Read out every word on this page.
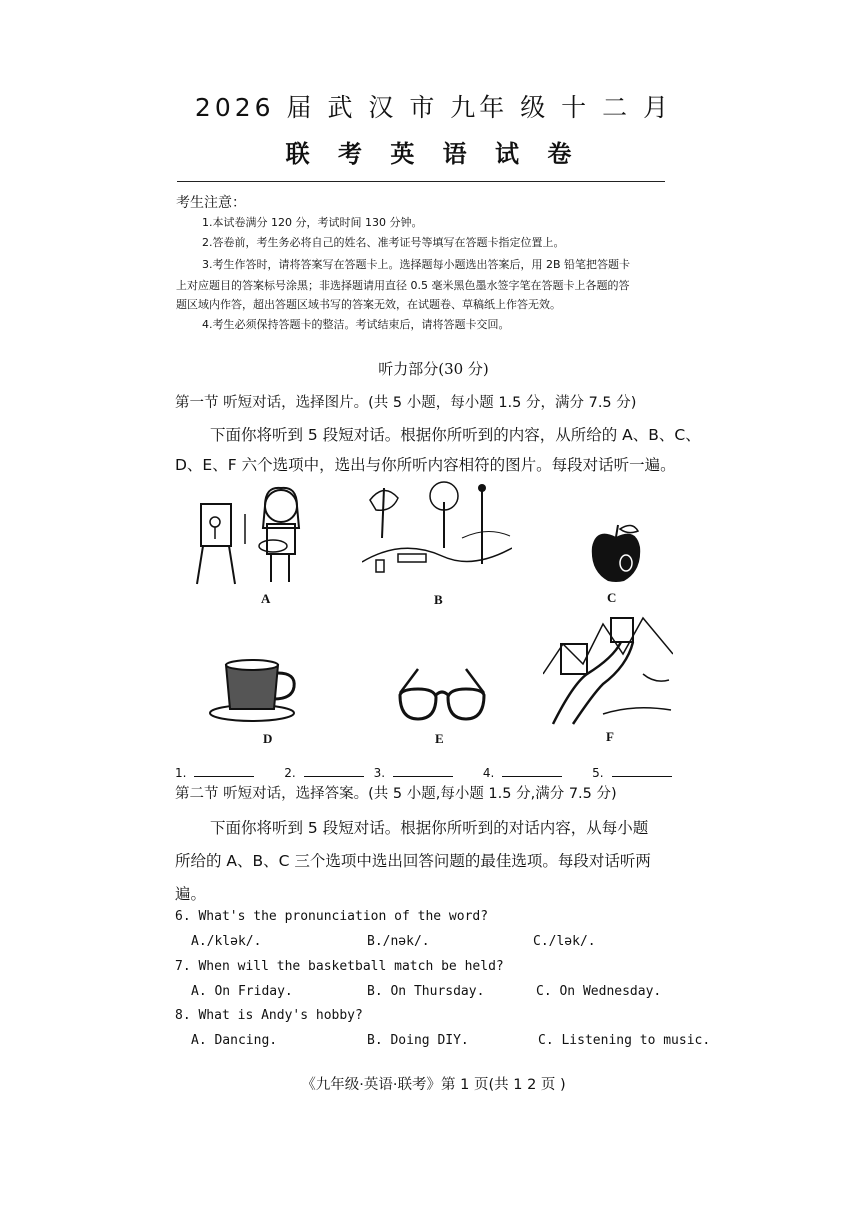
2026 届 武 汉 市 九年 级 十 二 月
联 考 英 语 试 卷
考生注意：
1.本试卷满分 120 分，考试时间 130 分钟。
2.答卷前，考生务必将自己的姓名、准考证号等填写在答题卡指定位置上。
3.考生作答时，请将答案写在答题卡上。选择题每小题选出答案后，用 2B 铅笔把答题卡
上对应题目的答案标号涂黑；非选择题请用直径 0.5 毫米黑色墨水签字笔在答题卡上各题的答
题区域内作答，超出答题区域书写的答案无效，在试题卷、草稿纸上作答无效。
4.考生必须保持答题卡的整洁。考试结束后，请将答题卡交回。
听力部分(30 分)
第一节 听短对话，选择图片。(共 5 小题，每小题 1.5 分，满分 7.5 分)
下面你将听到 5 段短对话。根据你所听到的内容，从所给的 A、B、C、
D、E、F 六个选项中，选出与你所听内容相符的图片。每段对话听一遍。
A	B	C
D	E	F
1.	2.	3.	4.	5.
第二节 听短对话，选择答案。(共 5 小题,每小题 1.5 分,满分 7.5 分)
下面你将听到 5 段短对话。根据你所听到的对话内容，从每小题
所给的 A、B、C 三个选项中选出回答问题的最佳选项。每段对话听两
遍。
6. What's the pronunciation of the word?
A./klək/.	B./nək/.	C./lək/.
7. When will the basketball match be held?
A. On Friday.	B. On Thursday.	C. On Wednesday.
8. What is Andy's hobby?
A. Dancing.	B. Doing DIY.	C. Listening to music.
《九年级·英语·联考》第 1 页(共 1 2 页 )
